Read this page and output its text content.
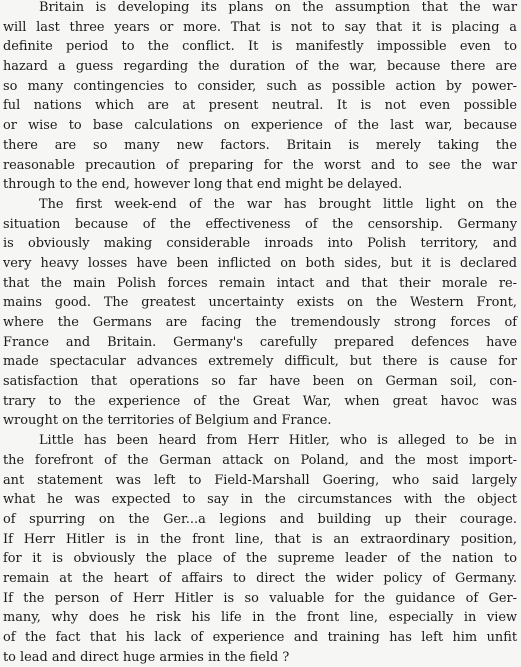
Britain is developing its plans on the assumption that the war
will last three years or more. That is not to say that it is placing a
definite period to the conflict. It is manifestly impossible even to
hazard a guess regarding the duration of the war, because there are
so many contingencies to consider, such as possible action by power-
ful nations which are at present neutral. It is not even possible
or wise to base calculations on experience of the last war, because
there are so many new factors. Britain is merely taking the
reasonable precaution of preparing for the worst and to see the war
through to the end, however long that end might be delayed.
The first week-end of the war has brought little light on the
situation because of the effectiveness of the censorship. Germany
is obviously making considerable inroads into Polish territory, and
very heavy losses have been inflicted on both sides, but it is declared
that the main Polish forces remain intact and that their morale re-
mains good. The greatest uncertainty exists on the Western Front,
where the Germans are facing the tremendously strong forces of
France and Britain. Germany's carefully prepared defences have
made spectacular advances extremely difficult, but there is cause for
satisfaction that operations so far have been on German soil, con-
trary to the experience of the Great War, when great havoc was
wrought on the territories of Belgium and France.
Little has been heard from Herr Hitler, who is alleged to be in
the forefront of the German attack on Poland, and the most import-
ant statement was left to Field-Marshall Goering, who said largely
what he was expected to say in the circumstances with the object
of spurring on the Ger...a legions and building up their courage.
If Herr Hitler is in the front line, that is an extraordinary position,
for it is obviously the place of the supreme leader of the nation to
remain at the heart of affairs to direct the wider policy of Germany.
If the person of Herr Hitler is so valuable for the guidance of Ger-
many, why does he risk his life in the front line, especially in view
of the fact that his lack of experience and training has left him unfit
to lead and direct huge armies in the field ?
